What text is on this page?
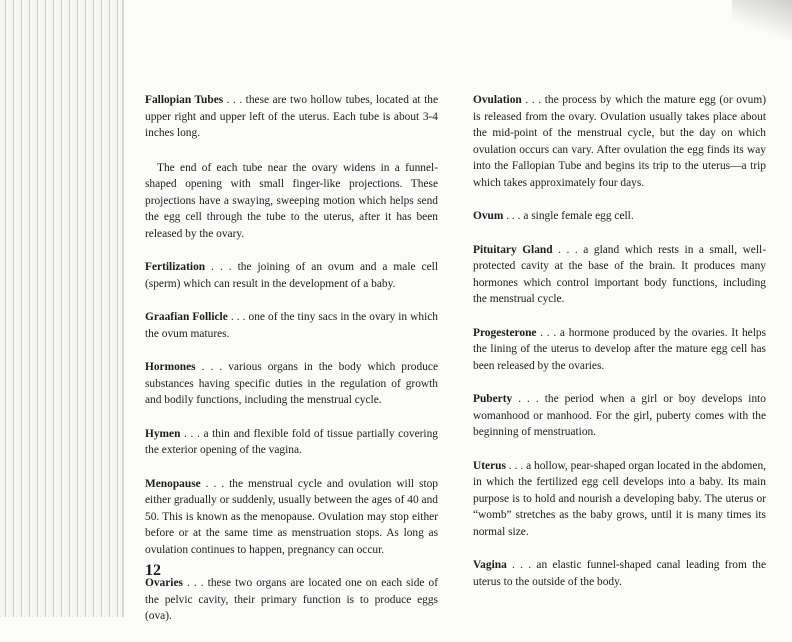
Fallopian Tubes . . . these are two hollow tubes, located at the upper right and upper left of the uterus. Each tube is about 3-4 inches long.

The end of each tube near the ovary widens in a funnel-shaped opening with small finger-like projections. These projections have a swaying, sweeping motion which helps send the egg cell through the tube to the uterus, after it has been released by the ovary.

Fertilization . . . the joining of an ovum and a male cell (sperm) which can result in the development of a baby.

Graafian Follicle . . . one of the tiny sacs in the ovary in which the ovum matures.

Hormones . . . various organs in the body which produce substances having specific duties in the regulation of growth and bodily functions, including the menstrual cycle.

Hymen . . . a thin and flexible fold of tissue partially covering the exterior opening of the vagina.

Menopause . . . the menstrual cycle and ovulation will stop either gradually or suddenly, usually between the ages of 40 and 50. This is known as the menopause. Ovulation may stop either before or at the same time as menstruation stops. As long as ovulation continues to happen, pregnancy can occur.

Ovaries . . . these two organs are located one on each side of the pelvic cavity, their primary function is to produce eggs (ova).

Ovulation . . . the process by which the mature egg (or ovum) is released from the ovary. Ovulation usually takes place about the mid-point of the menstrual cycle, but the day on which ovulation occurs can vary. After ovulation the egg finds its way into the Fallopian Tube and begins its trip to the uterus—a trip which takes approximately four days.

Ovum . . . a single female egg cell.

Pituitary Gland . . . a gland which rests in a small, well-protected cavity at the base of the brain. It produces many hormones which control important body functions, including the menstrual cycle.

Progesterone . . . a hormone produced by the ovaries. It helps the lining of the uterus to develop after the mature egg cell has been released by the ovaries.

Puberty . . . the period when a girl or boy develops into womanhood or manhood. For the girl, puberty comes with the beginning of menstruation.

Uterus . . . a hollow, pear-shaped organ located in the abdomen, in which the fertilized egg cell develops into a baby. Its main purpose is to hold and nourish a developing baby. The uterus or “womb” stretches as the baby grows, until it is many times its normal size.

Vagina . . . an elastic funnel-shaped canal leading from the uterus to the outside of the body.

12
